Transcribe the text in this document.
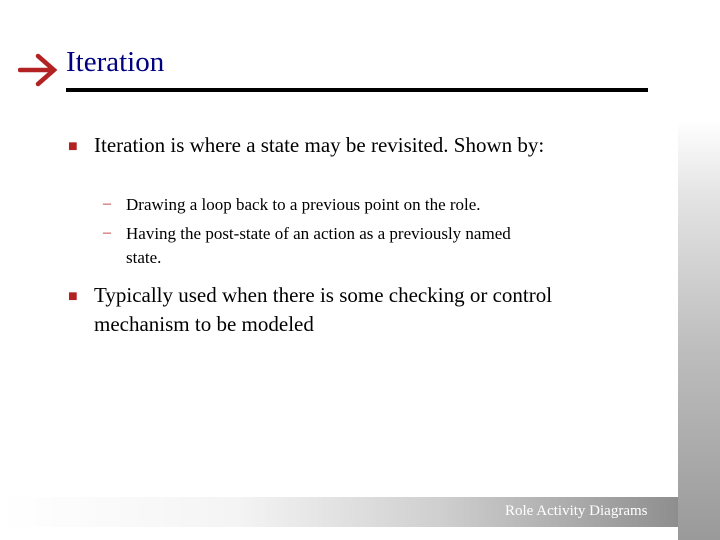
Role Activity Diagrams
Iteration
■ Iteration is where a state may be revisited. Shown by:
– Drawing a loop back to a previous point on the role.
– Having the post-state of an action as a previously named state.
■ Typically used when there is some checking or control mechanism to be modeled
